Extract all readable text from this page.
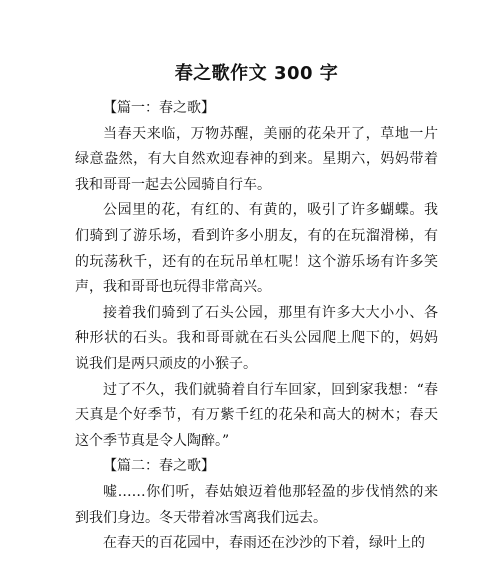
春之歌作文 300 字

【篇一：春之歌】

当春天来临，万物苏醒，美丽的花朵开了，草地一片绿意盎然，有大自然欢迎春神的到来。星期六，妈妈带着我和哥哥一起去公园骑自行车。

公园里的花，有红的、有黄的，吸引了许多蝴蝶。我们骑到了游乐场，看到许多小朋友，有的在玩溜滑梯，有的玩荡秋千，还有的在玩吊单杠呢！这个游乐场有许多笑声，我和哥哥也玩得非常高兴。

接着我们骑到了石头公园，那里有许多大大小小、各种形状的石头。我和哥哥就在石头公园爬上爬下的，妈妈说我们是两只顽皮的小猴子。

过了不久，我们就骑着自行车回家，回到家我想：“春天真是个好季节，有万紫千红的花朵和高大的树木；春天这个季节真是令人陶醉。”

【篇二：春之歌】

嘘……你们听，春姑娘迈着他那轻盈的步伐悄然的来到我们身边。冬天带着冰雪离我们远去。

在春天的百花园中，春雨还在沙沙的下着，绿叶上的
